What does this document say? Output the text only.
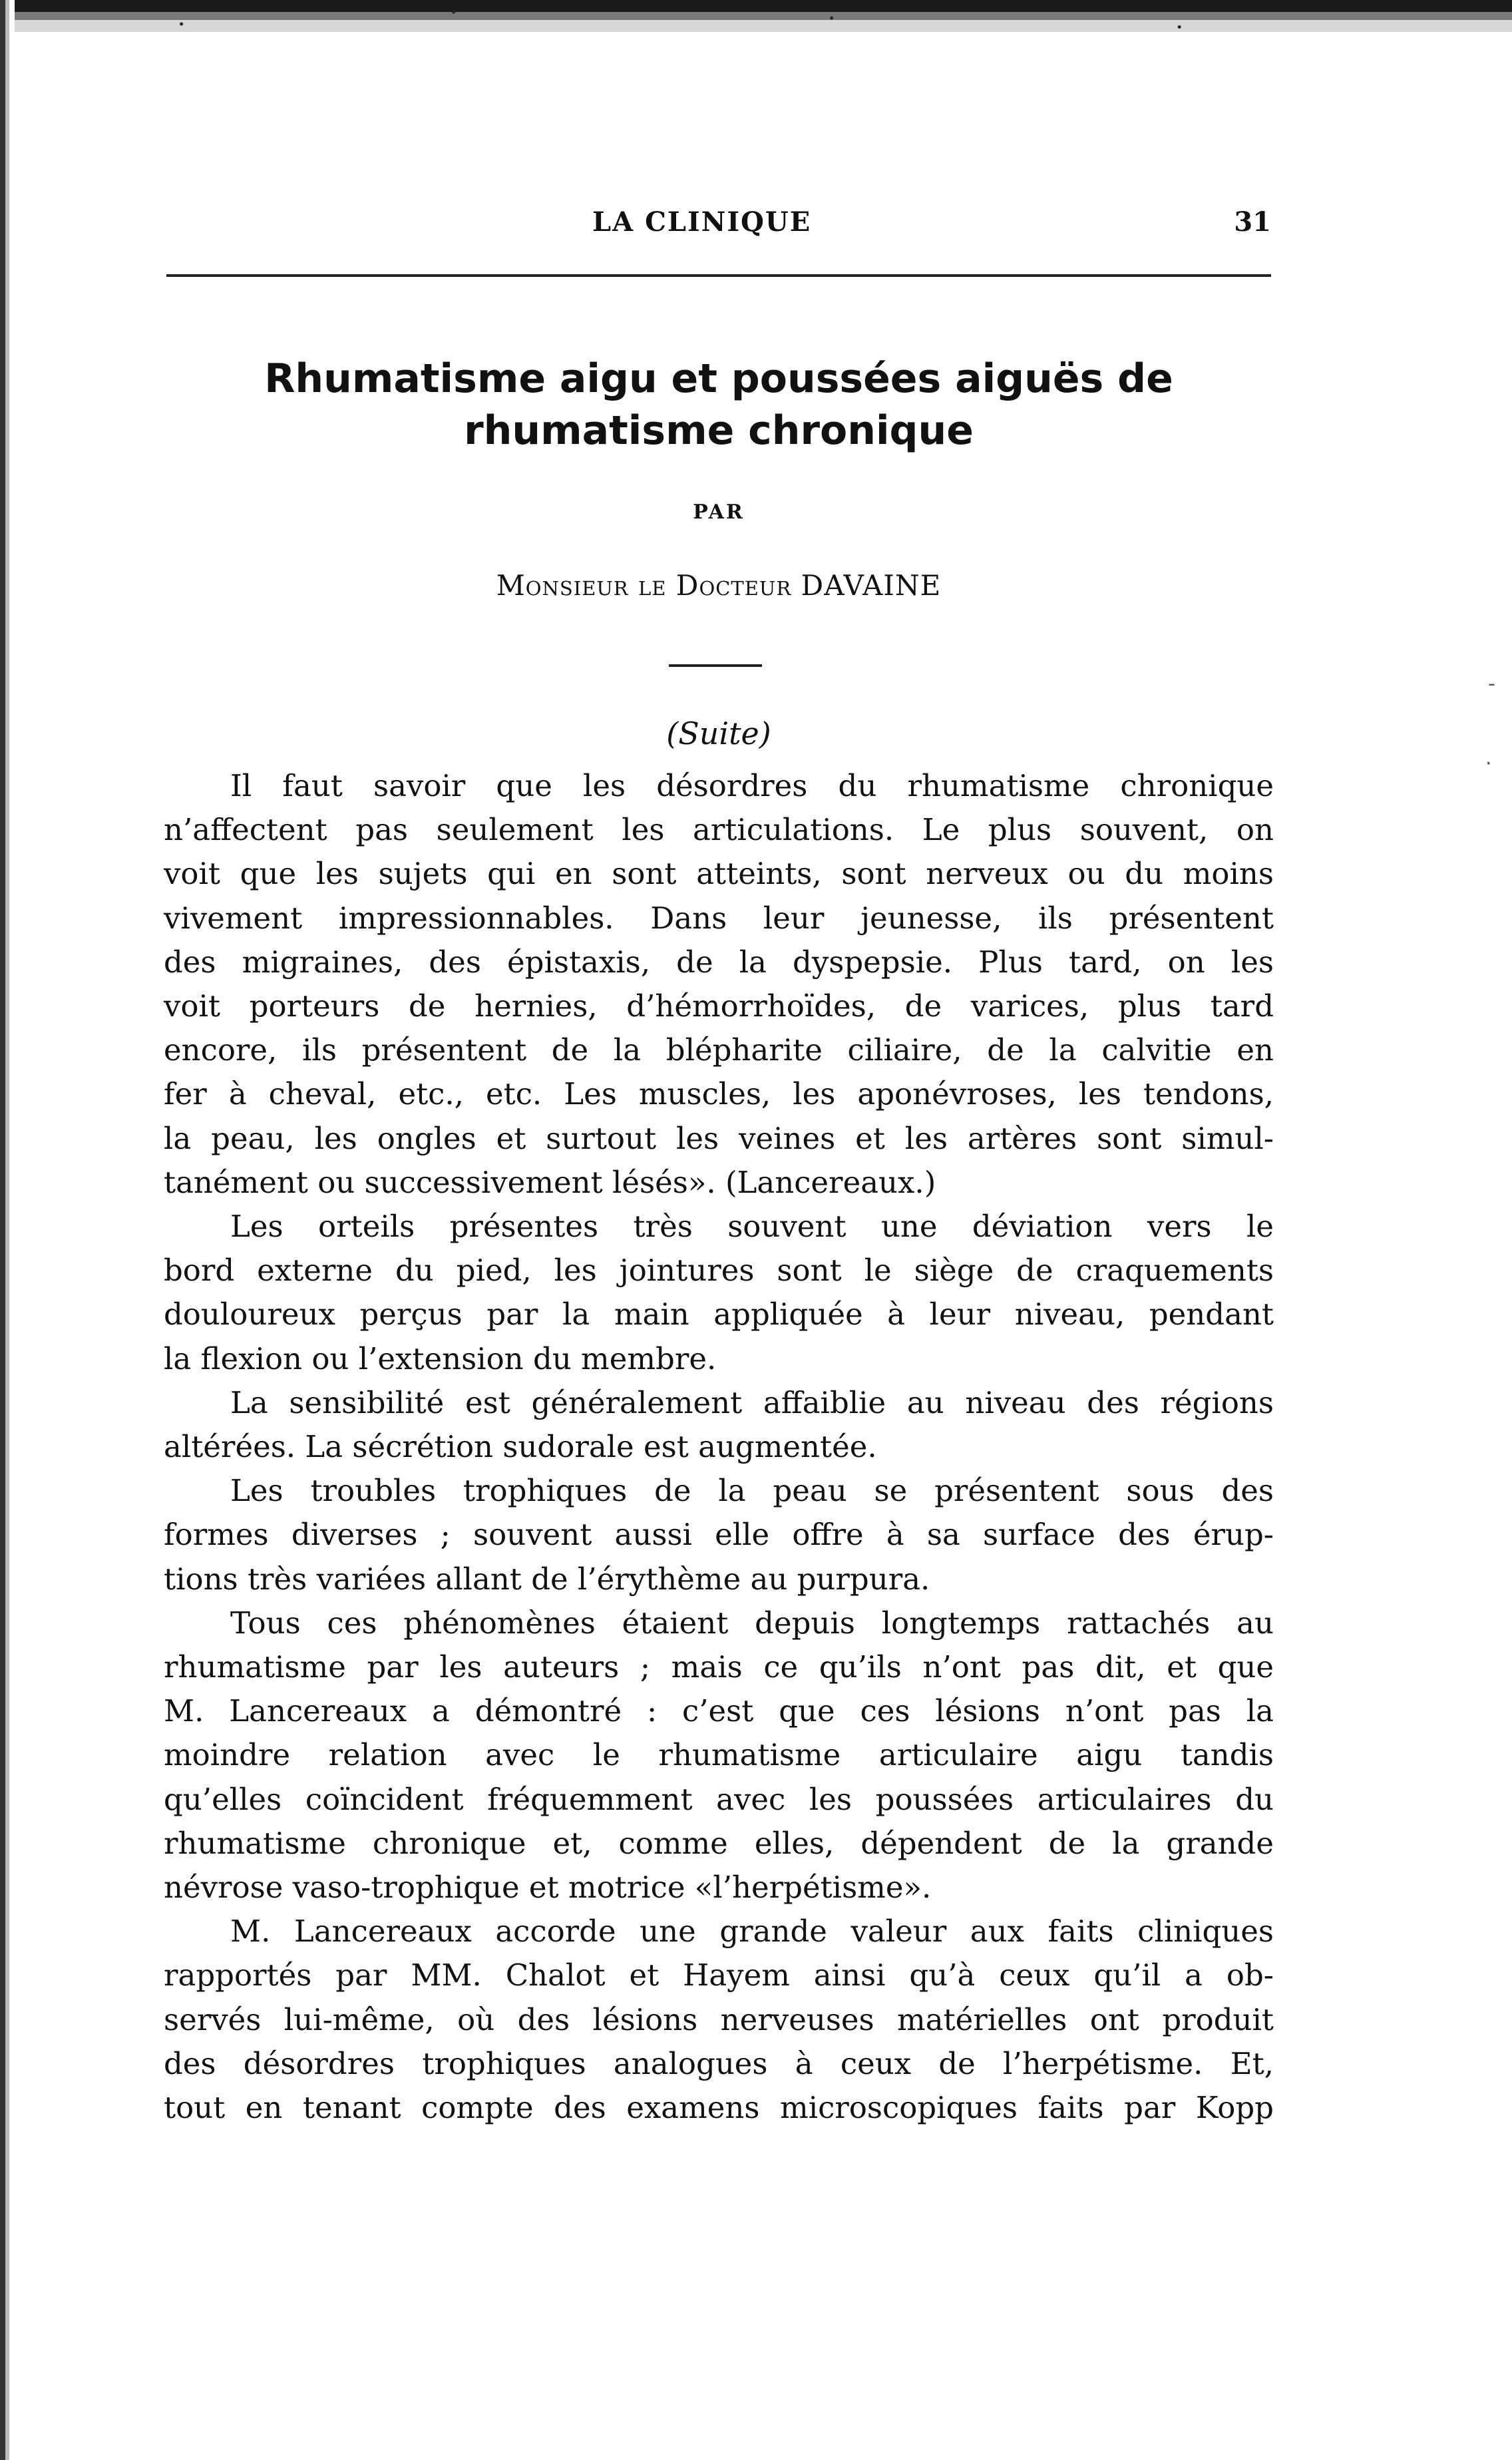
LA CLINIQUE	31
Rhumatisme aigu et poussées aiguës de
rhumatisme chronique
PAR
Monsieur le Docteur DAVAINE
(Suite)
Il faut savoir que les désordres du rhumatisme chronique
n’affectent pas seulement les articulations. Le plus souvent, on
voit que les sujets qui en sont atteints, sont nerveux ou du moins
vivement impressionnables. Dans leur jeunesse, ils présentent
des migraines, des épistaxis, de la dyspepsie. Plus tard, on les
voit porteurs de hernies, d’hémorrhoïdes, de varices, plus tard
encore, ils présentent de la blépharite ciliaire, de la calvitie en
fer à cheval, etc., etc. Les muscles, les aponévroses, les tendons,
la peau, les ongles et surtout les veines et les artères sont simul-
tanément ou successivement lésés». (Lancereaux.)
Les orteils présentes très souvent une déviation vers le
bord externe du pied, les jointures sont le siège de craquements
douloureux perçus par la main appliquée à leur niveau, pendant
la flexion ou l’extension du membre.
La sensibilité est généralement affaiblie au niveau des régions
altérées. La sécrétion sudorale est augmentée.
Les troubles trophiques de la peau se présentent sous des
formes diverses ; souvent aussi elle offre à sa surface des érup-
tions très variées allant de l’érythème au purpura.
Tous ces phénomènes étaient depuis longtemps rattachés au
rhumatisme par les auteurs ; mais ce qu’ils n’ont pas dit, et que
M. Lancereaux a démontré : c’est que ces lésions n’ont pas la
moindre relation avec le rhumatisme articulaire aigu tandis
qu’elles coïncident fréquemment avec les poussées articulaires du
rhumatisme chronique et, comme elles, dépendent de la grande
névrose vaso-trophique et motrice «l’herpétisme».
M. Lancereaux accorde une grande valeur aux faits cliniques
rapportés par MM. Chalot et Hayem ainsi qu’à ceux qu’il a ob-
servés lui-même, où des lésions nerveuses matérielles ont produit
des désordres trophiques analogues à ceux de l’herpétisme. Et,
tout en tenant compte des examens microscopiques faits par Kopp
·
-
